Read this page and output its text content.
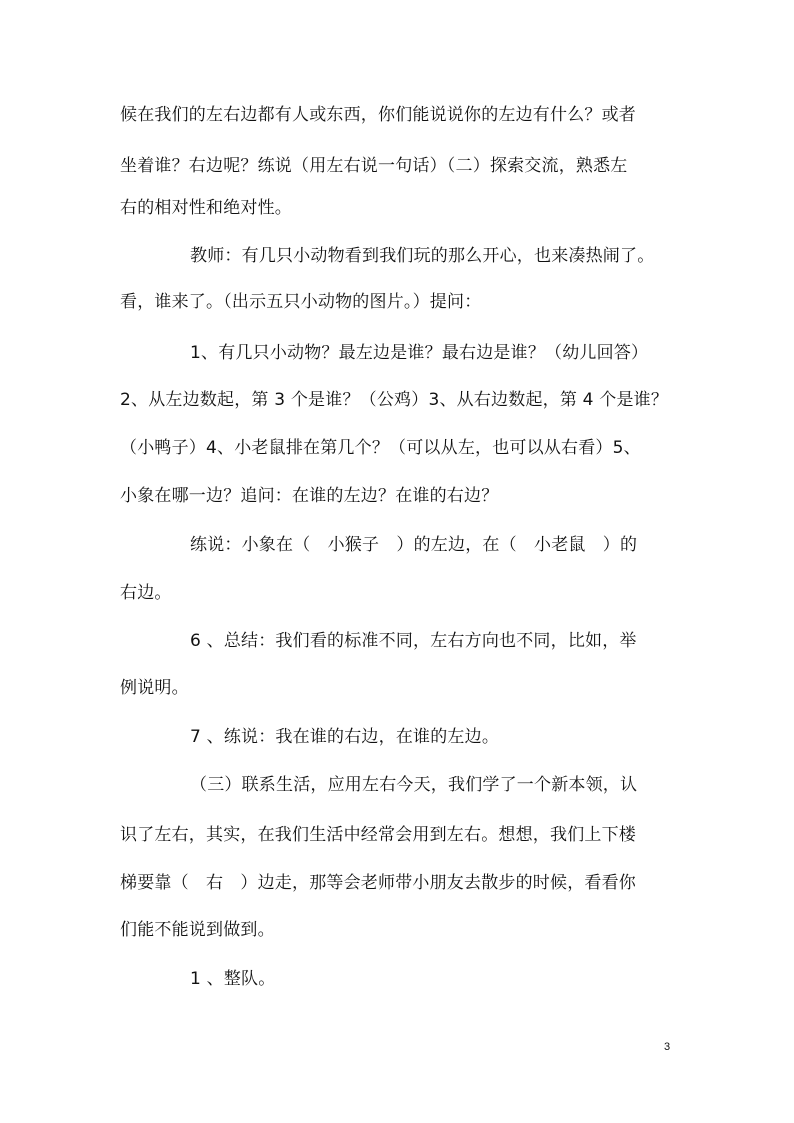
候在我们的左右边都有人或东西，你们能说说你的左边有什么？或者
坐着谁？右边呢？练说（用左右说一句话）（二）探索交流，熟悉左
右的相对性和绝对性。
教师：有几只小动物看到我们玩的那么开心，也来凑热闹了。
看，谁来了。（出示五只小动物的图片。）提问：
1、有几只小动物？最左边是谁？最右边是谁？（幼儿回答）
2、从左边数起，第 3 个是谁？（公鸡）3、从右边数起，第 4 个是谁？
（小鸭子）4、小老鼠排在第几个？（可以从左，也可以从右看）5、
小象在哪一边？追问：在谁的左边？在谁的右边？
练说：小象在（　小猴子　）的左边，在（　小老鼠　）的
右边。
6 、总结：我们看的标准不同，左右方向也不同，比如，举
例说明。
7 、练说：我在谁的右边，在谁的左边。
（三）联系生活，应用左右今天，我们学了一个新本领，认
识了左右，其实，在我们生活中经常会用到左右。想想，我们上下楼
梯要靠（　右　）边走，那等会老师带小朋友去散步的时候，看看你
们能不能说到做到。
1 、整队。
3
